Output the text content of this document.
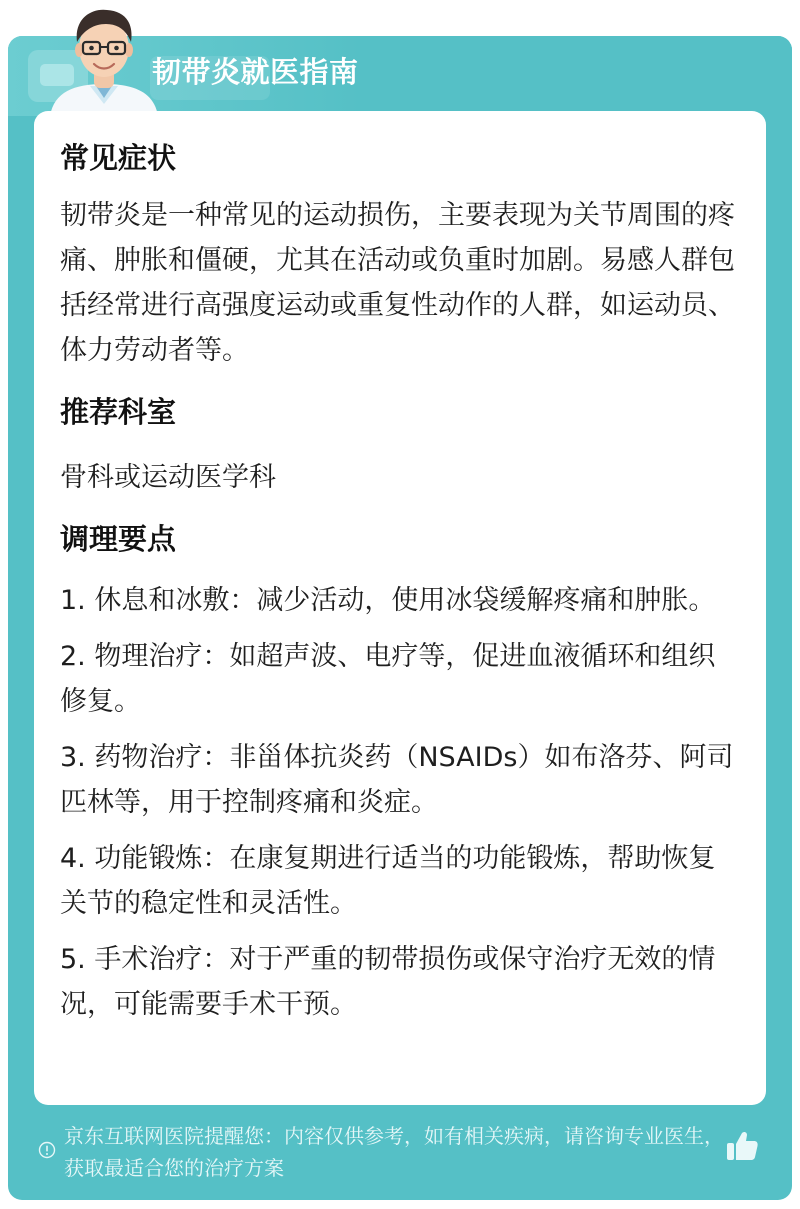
韧带炎就医指南
常见症状

韧带炎是一种常见的运动损伤，主要表现为关节周围的疼痛、肿胀和僵硬，尤其在活动或负重时加剧。易感人群包括经常进行高强度运动或重复性动作的人群，如运动员、体力劳动者等。

推荐科室

骨科或运动医学科

调理要点

1. 休息和冰敷：减少活动，使用冰袋缓解疼痛和肿胀。

2. 物理治疗：如超声波、电疗等，促进血液循环和组织修复。

3. 药物治疗：非甾体抗炎药（NSAIDs）如布洛芬、阿司匹林等，用于控制疼痛和炎症。

4. 功能锻炼：在康复期进行适当的功能锻炼，帮助恢复关节的稳定性和灵活性。

5. 手术治疗：对于严重的韧带损伤或保守治疗无效的情况，可能需要手术干预。

京东互联网医院提醒您：内容仅供参考，如有相关疾病，请咨询专业医生，获取最适合您的治疗方案
